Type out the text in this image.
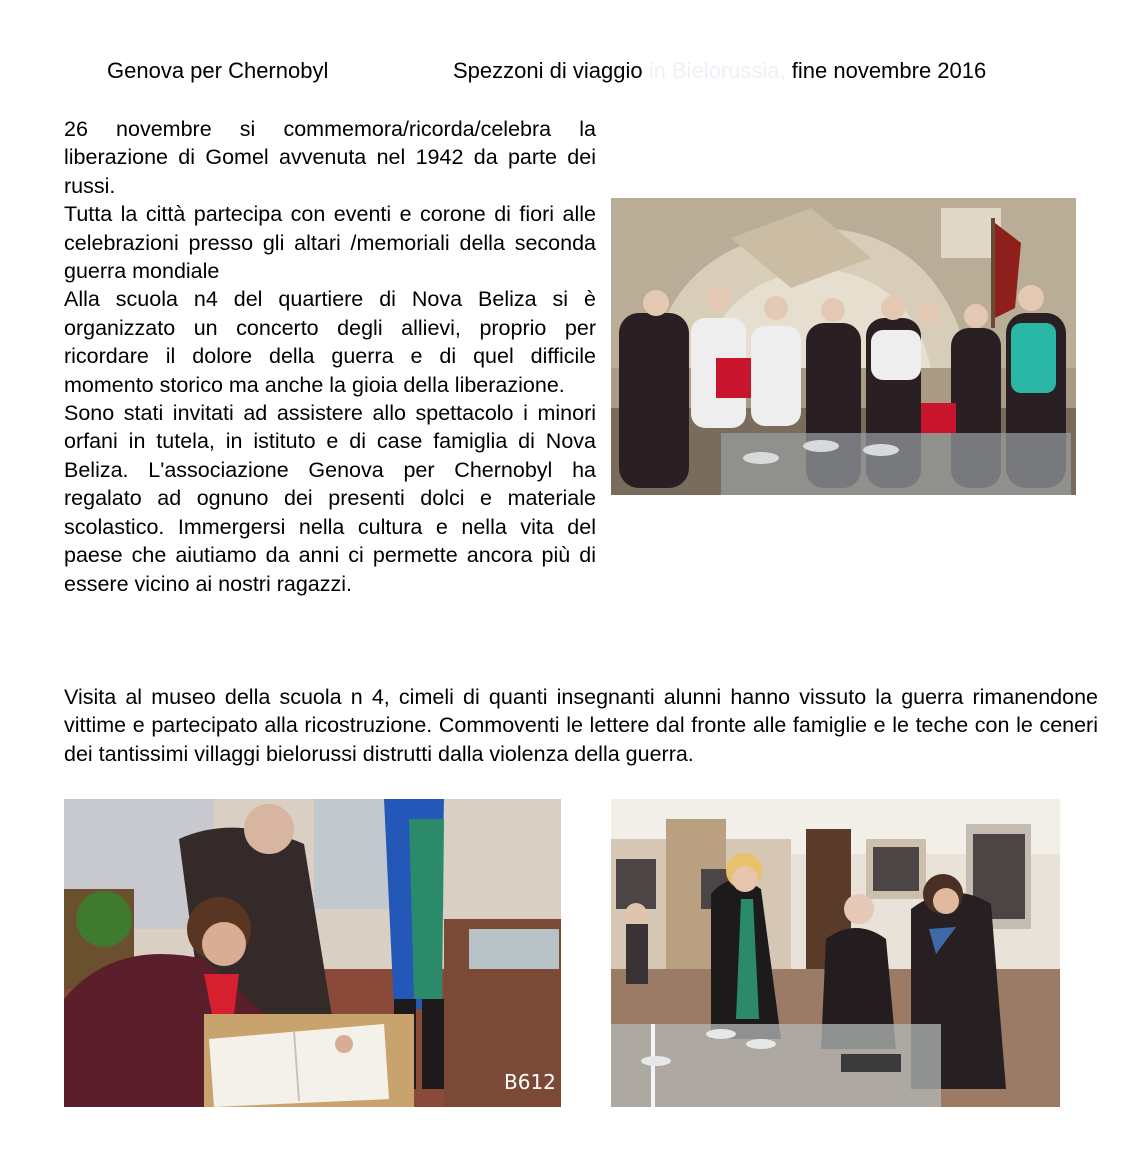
Genova per Chernobyl	Spezzoni di viaggio in Bielorussia, fine novembre 2016

26 novembre si commemora/ricorda/celebra la liberazione di Gomel avvenuta nel 1942 da parte dei russi.

Tutta la città partecipa con eventi e corone di fiori alle celebrazioni presso gli altari /memoriali della seconda guerra mondiale

Alla scuola n4 del quartiere di Nova Beliza si è organizzato un concerto degli allievi, proprio per ricordare il dolore della guerra e di quel difficile momento storico ma anche la gioia della liberazione.

Sono stati invitati ad assistere allo spettacolo i minori orfani in tutela, in istituto e di case famiglia di Nova Beliza. L'associazione Genova per Chernobyl ha regalato ad ognuno dei presenti dolci e materiale scolastico. Immergersi nella cultura e nella vita del paese che aiutiamo da anni ci permette ancora più di essere vicino ai nostri ragazzi.

Visita al museo della scuola n 4, cimeli di quanti insegnanti alunni hanno vissuto la guerra rimanendone vittime e partecipato alla ricostruzione. Commoventi le lettere dal fronte alle famiglie e le teche con le ceneri dei tantissimi villaggi bielorussi distrutti dalla violenza della guerra.

B612
